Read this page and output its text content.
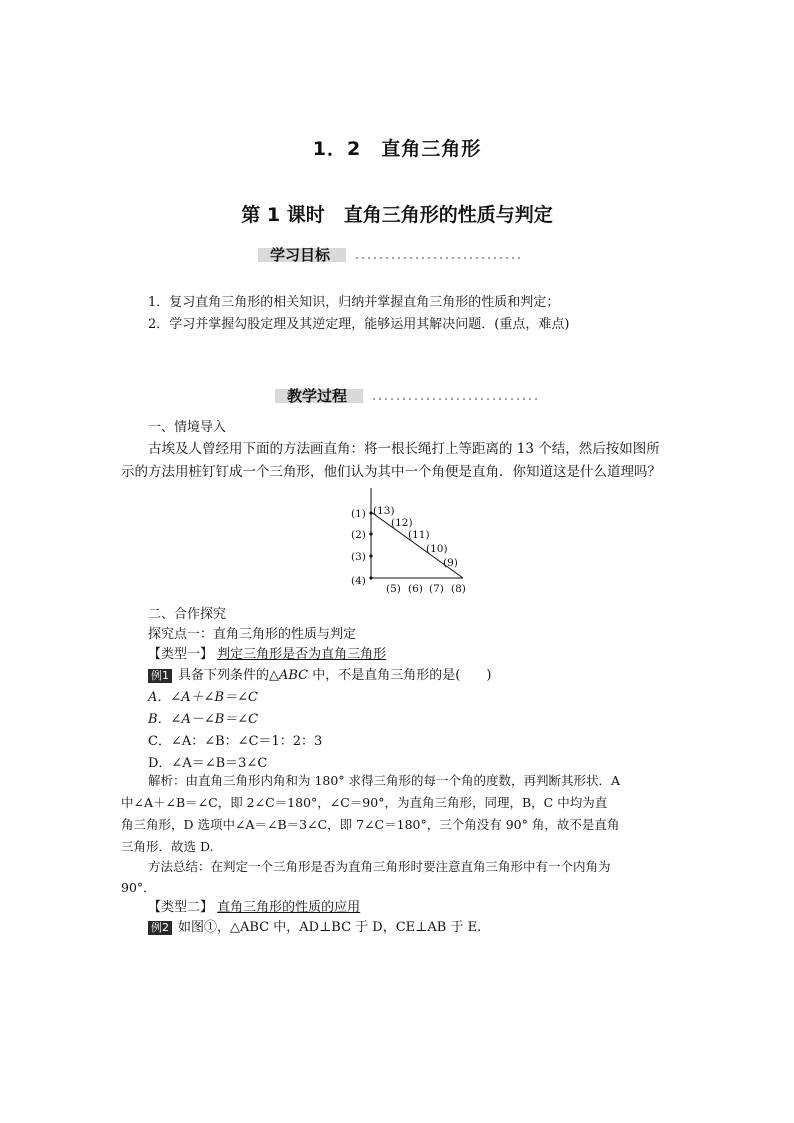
1．2　直角三角形
第 1 课时　直角三角形的性质与判定
学习目标
1．复习直角三角形的相关知识，归纳并掌握直角三角形的性质和判定；
2．学习并掌握勾股定理及其逆定理，能够运用其解决问题．(重点，难点)
教学过程
一、情境导入
古埃及人曾经用下面的方法画直角：将一根长绳打上等距离的 13 个结，然后按如图所
示的方法用桩钉钉成一个三角形，他们认为其中一个角便是直角．你知道这是什么道理吗？
(1)
(2)
(3)
(4)
(5) (6) (7) (8)
(13)
(12)
(11)
(10)
(9)
二、合作探究
探究点一：直角三角形的性质与判定
【类型一】 判定三角形是否为直角三角形
例1 具备下列条件的△ABC 中，不是直角三角形的是(　　)
A．∠A＋∠B＝∠C
B．∠A－∠B＝∠C
C．∠A：∠B：∠C＝1：2：3
D．∠A＝∠B＝3∠C
解析：由直角三角形内角和为 180° 求得三角形的每一个角的度数，再判断其形状．A
中∠A＋∠B＝∠C，即 2∠C＝180°，∠C＝90°，为直角三角形，同理，B，C 中均为直
角三角形，D 选项中∠A＝∠B＝3∠C，即 7∠C＝180°，三个角没有 90° 角，故不是直角
三角形．故选 D.
方法总结：在判定一个三角形是否为直角三角形时要注意直角三角形中有一个内角为
90°．
【类型二】 直角三角形的性质的应用
例2 如图①，△ABC 中，AD⊥BC 于 D，CE⊥AB 于 E.
